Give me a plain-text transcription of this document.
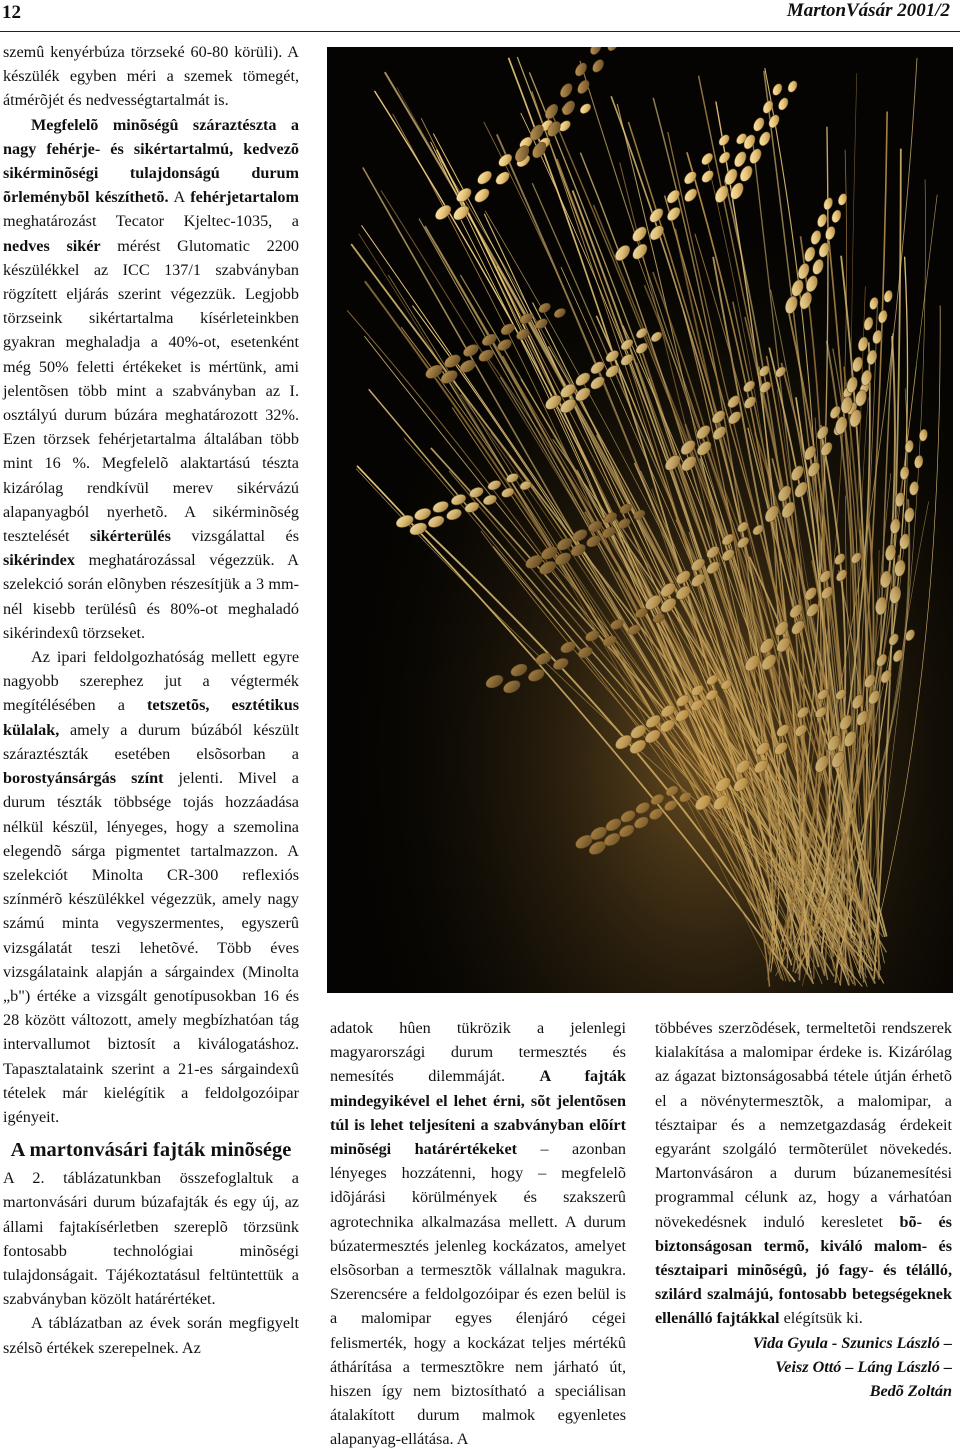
12	MartonVásár 2001/2

szemû kenyérbúza törzseké 60-80 körüli). A készülék egyben méri a szemek tömegét, átmérõjét és nedvességtartalmát is.

Megfelelõ minõségû száraztészta a nagy fehérje- és sikértartalmú, kedvezõ sikérminõségi tulajdonságú durum õrleménybõl készíthetõ. A fehérjetartalom meghatározást Tecator Kjeltec-1035, a nedves sikér mérést Glutomatic 2200 készülékkel az ICC 137/1 szabványban rögzített eljárás szerint végezzük. Legjobb törzseink sikértartalma kísérleteinkben gyakran meghaladja a 40%-ot, esetenként még 50% feletti értékeket is mértünk, ami jelentõsen több mint a szabványban az I. osztályú durum búzára meghatározott 32%. Ezen törzsek fehérjetartalma általában több mint 16 %. Megfelelõ alaktartású tészta kizárólag rendkívül merev sikérvázú alapanyagból nyerhetõ. A sikérminõség tesztelését sikérterülés vizsgálattal és sikérindex meghatározással végezzük. A szelekció során elõnyben részesítjük a 3 mm-nél kisebb terülésû és 80%-ot meghaladó sikérindexû törzseket.

Az ipari feldolgozhatóság mellett egyre nagyobb szerephez jut a végtermék megítélésében a tetszetõs, esztétikus külalak, amely a durum búzából készült száraztészták esetében elsõsorban a borostyánsárgás színt jelenti. Mivel a durum tészták többsége tojás hozzáadása nélkül készül, lényeges, hogy a szemolina elegendõ sárga pigmentet tartalmazzon. A szelekciót Minolta CR-300 reflexiós színmérõ készülékkel végezzük, amely nagy számú minta vegyszermentes, egyszerû vizsgálatát teszi lehetõvé. Több éves vizsgálataink alapján a sárgaindex (Minolta „b") értéke a vizsgált genotípusokban 16 és 28 között változott, amely megbízhatóan tág intervallumot biztosít a kiválogatáshoz. Tapasztalataink szerint a 21-es sárgaindexû tételek már kielégítik a feldolgozóipar igényeit.

A martonvásári fajták minõsége

A 2. táblázatunkban összefoglaltuk a martonvásári durum búzafajták és egy új, az állami fajtakísérletben szereplõ törzsünk fontosabb technológiai minõségi tulajdonságait. Tájékoztatásul feltüntettük a szabványban közölt határértéket.

A táblázatban az évek során megfigyelt szélsõ értékek szerepelnek. Az

adatok hûen tükrözik a jelenlegi magyarországi durum termesztés és nemesítés dilemmáját. A fajták mindegyikével el lehet érni, sõt jelentõsen túl is lehet teljesíteni a szabványban elõírt minõségi határértékeket – azonban lényeges hozzátenni, hogy – megfelelõ idõjárási körülmények és szakszerû agrotechnika alkalmazása mellett. A durum búzatermesztés jelenleg kockázatos, amelyet elsõsorban a termesztõk vállalnak magukra. Szerencsére a feldolgozóipar és ezen belül is a malomipar egyes élenjáró cégei felismerték, hogy a kockázat teljes mértékû áthárítása a termesztõkre nem járható út, hiszen így nem biztosítható a speciálisan átalakított durum malmok egyenletes alapanyag-ellátása. A

többéves szerzõdések, termeltetõi rendszerek kialakítása a malomipar érdeke is. Kizárólag az ágazat biztonságosabbá tétele útján érhetõ el a növénytermesztõk, a malomipar, a tésztaipar és a nemzetgazdaság érdekeit egyaránt szolgáló termõterület növekedés. Martonvásáron a durum búzanemesítési programmal célunk az, hogy a várhatóan növekedésnek induló keresletet bõ- és biztonságosan termõ, kiváló malom- és tésztaipari minõségû, jó fagy- és télálló, szilárd szalmájú, fontosabb betegségeknek ellenálló fajtákkal elégítsük ki.

Vida Gyula - Szunics László –

Veisz Ottó – Láng László –

Bedõ Zoltán
